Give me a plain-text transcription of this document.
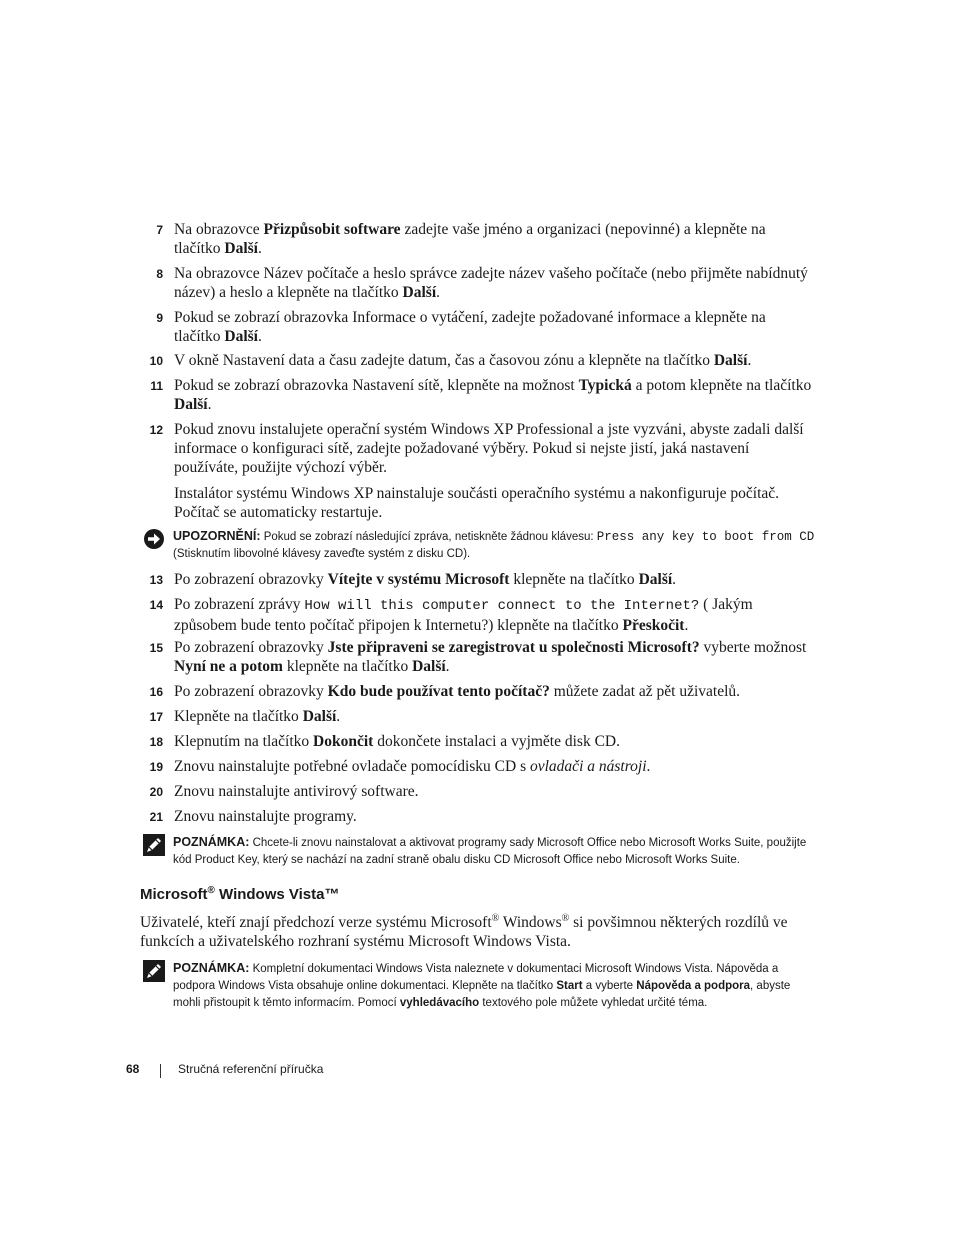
7 Na obrazovce Přizpůsobit software zadejte vaše jméno a organizaci (nepovinné) a klepněte na tlačítko Další.
8 Na obrazovce Název počítače a heslo správce zadejte název vašeho počítače (nebo přijměte nabídnutý název) a heslo a klepněte na tlačítko Další.
9 Pokud se zobrazí obrazovka Informace o vytáčení, zadejte požadované informace a klepněte na tlačítko Další.
10 V okně Nastavení data a času zadejte datum, čas a časovou zónu a klepněte na tlačítko Další.
11 Pokud se zobrazí obrazovka Nastavení sítě, klepněte na možnost Typická a potom klepněte na tlačítko Další.
12 Pokud znovu instalujete operační systém Windows XP Professional a jste vyzváni, abyste zadali další informace o konfiguraci sítě, zadejte požadované výběry. Pokud si nejste jistí, jaká nastavení používáte, použijte výchozí výběr.
Instalátor systému Windows XP nainstaluje součásti operačního systému a nakonfiguruje počítač. Počítač se automaticky restartuje.
UPOZORNĚNÍ: Pokud se zobrazí následující zpráva, netiskněte žádnou klávesu: Press any key to boot from CD (Stisknutím libovolné klávesy zaveďte systém z disku CD).
13 Po zobrazení obrazovky Vítejte v systému Microsoft klepněte na tlačítko Další.
14 Po zobrazení zprávy How will this computer connect to the Internet? ( Jakým způsobem bude tento počítač připojen k Internetu?) klepněte na tlačítko Přeskočit.
15 Po zobrazení obrazovky Jste připraveni se zaregistrovat u společnosti Microsoft? vyberte možnost Nyní ne a potom klepněte na tlačítko Další.
16 Po zobrazení obrazovky Kdo bude používat tento počítač? můžete zadat až pět uživatelů.
17 Klepněte na tlačítko Další.
18 Klepnutím na tlačítko Dokončit dokončete instalaci a vyjměte disk CD.
19 Znovu nainstalujte potřebné ovladače pomocídisku CD s ovladači a nástroji.
20 Znovu nainstalujte antivirový software.
21 Znovu nainstalujte programy.
POZNÁMKA: Chcete-li znovu nainstalovat a aktivovat programy sady Microsoft Office nebo Microsoft Works Suite, použijte kód Product Key, který se nachází na zadní straně obalu disku CD Microsoft Office nebo Microsoft Works Suite.
Microsoft® Windows Vista™
Uživatelé, kteří znají předchozí verze systému Microsoft® Windows® si povšimnou některých rozdílů ve funkcích a uživatelského rozhraní systému Microsoft Windows Vista.
POZNÁMKA: Kompletní dokumentaci Windows Vista naleznete v dokumentaci Microsoft Windows Vista. Nápověda a podpora Windows Vista obsahuje online dokumentaci. Klepněte na tlačítko Start a vyberte Nápověda a podpora, abyste mohli přistoupit k těmto informacím. Pomocí vyhledávacího textového pole můžete vyhledat určité téma.
68	Stručná referenční příručka
